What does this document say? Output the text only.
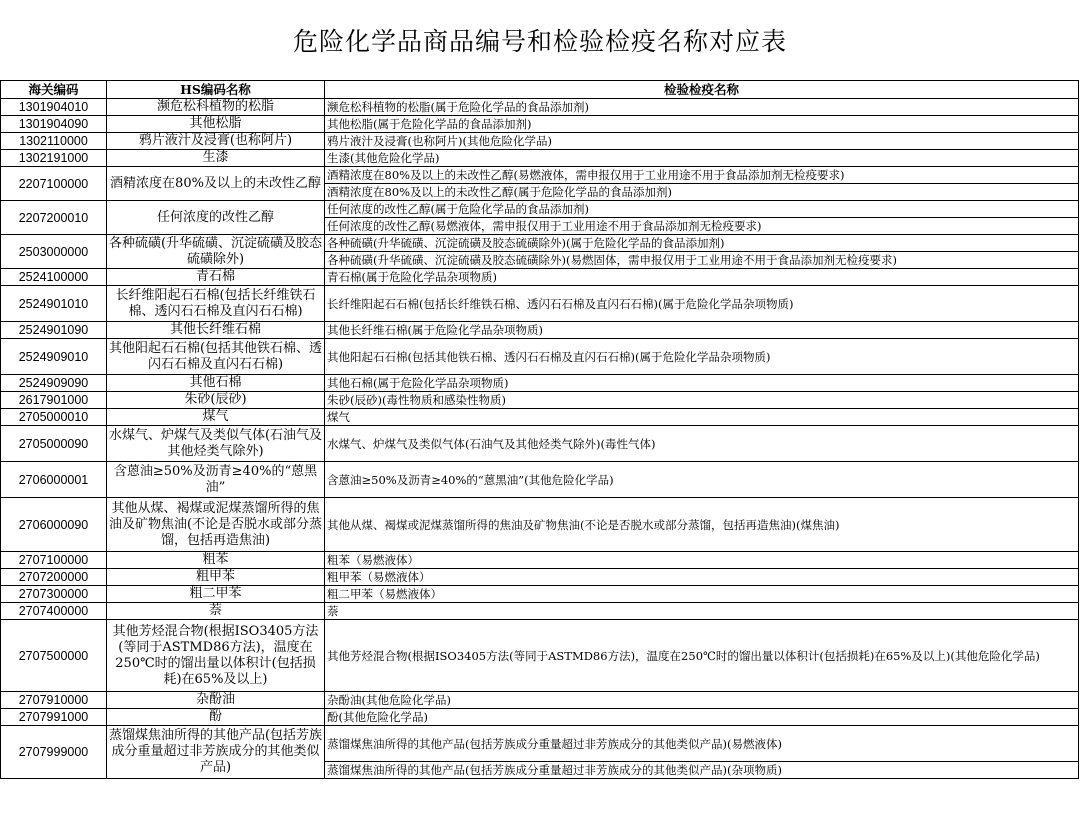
危险化学品商品编号和检验检疫名称对应表
海关编码	HS编码名称	检验检疫名称
1301904010	濒危松科植物的松脂	濒危松科植物的松脂(属于危险化学品的食品添加剂)
1301904090	其他松脂	其他松脂(属于危险化学品的食品添加剂)
1302110000	鸦片液汁及浸膏(也称阿片)	鸦片液汁及浸膏(也称阿片)(其他危险化学品)
1302191000	生漆	生漆(其他危险化学品)
2207100000	酒精浓度在80%及以上的未改性乙醇	酒精浓度在80%及以上的未改性乙醇(易燃液体，需申报仅用于工业用途不用于食品添加剂无检疫要求)
		酒精浓度在80%及以上的未改性乙醇(属于危险化学品的食品添加剂)
2207200010	任何浓度的改性乙醇	任何浓度的改性乙醇(属于危险化学品的食品添加剂)
		任何浓度的改性乙醇(易燃液体，需申报仅用于工业用途不用于食品添加剂无检疫要求)
2503000000	各种硫磺(升华硫磺、沉淀硫磺及胶态硫磺除外)	各种硫磺(升华硫磺、沉淀硫磺及胶态硫磺除外)(属于危险化学品的食品添加剂)
		各种硫磺(升华硫磺、沉淀硫磺及胶态硫磺除外)(易燃固体，需申报仅用于工业用途不用于食品添加剂无检疫要求)
2524100000	青石棉	青石棉(属于危险化学品杂项物质)
2524901010	长纤维阳起石石棉(包括长纤维铁石棉、透闪石石棉及直闪石石棉)	长纤维阳起石石棉(包括长纤维铁石棉、透闪石石棉及直闪石石棉)(属于危险化学品杂项物质)
2524901090	其他长纤维石棉	其他长纤维石棉(属于危险化学品杂项物质)
2524909010	其他阳起石石棉(包括其他铁石棉、透闪石石棉及直闪石石棉)	其他阳起石石棉(包括其他铁石棉、透闪石石棉及直闪石石棉)(属于危险化学品杂项物质)
2524909090	其他石棉	其他石棉(属于危险化学品杂项物质)
2617901000	朱砂(辰砂)	朱砂(辰砂)(毒性物质和感染性物质)
2705000010	煤气	煤气
2705000090	水煤气、炉煤气及类似气体(石油气及其他烃类气除外)	水煤气、炉煤气及类似气体(石油气及其他烃类气除外)(毒性气体)
2706000001	含蒽油≥50%及沥青≥40%的“蒽黑油”	含蒽油≥50%及沥青≥40%的“蒽黑油”(其他危险化学品)
2706000090	其他从煤、褐煤或泥煤蒸馏所得的焦油及矿物焦油(不论是否脱水或部分蒸馏，包括再造焦油)	其他从煤、褐煤或泥煤蒸馏所得的焦油及矿物焦油(不论是否脱水或部分蒸馏，包括再造焦油)(煤焦油)
2707100000	粗苯	粗苯（易燃液体）
2707200000	粗甲苯	粗甲苯（易燃液体）
2707300000	粗二甲苯	粗二甲苯（易燃液体）
2707400000	萘	萘
2707500000	其他芳烃混合物(根据ISO3405方法(等同于ASTMD86方法)，温度在250℃时的馏出量以体积计(包括损耗)在65%及以上)	其他芳烃混合物(根据ISO3405方法(等同于ASTMD86方法)，温度在250℃时的馏出量以体积计(包括损耗)在65%及以上)(其他危险化学品)
2707910000	杂酚油	杂酚油(其他危险化学品)
2707991000	酚	酚(其他危险化学品)
2707999000	蒸馏煤焦油所得的其他产品(包括芳族成分重量超过非芳族成分的其他类似产品)	蒸馏煤焦油所得的其他产品(包括芳族成分重量超过非芳族成分的其他类似产品)(易燃液体)
		蒸馏煤焦油所得的其他产品(包括芳族成分重量超过非芳族成分的其他类似产品)(杂项物质)
